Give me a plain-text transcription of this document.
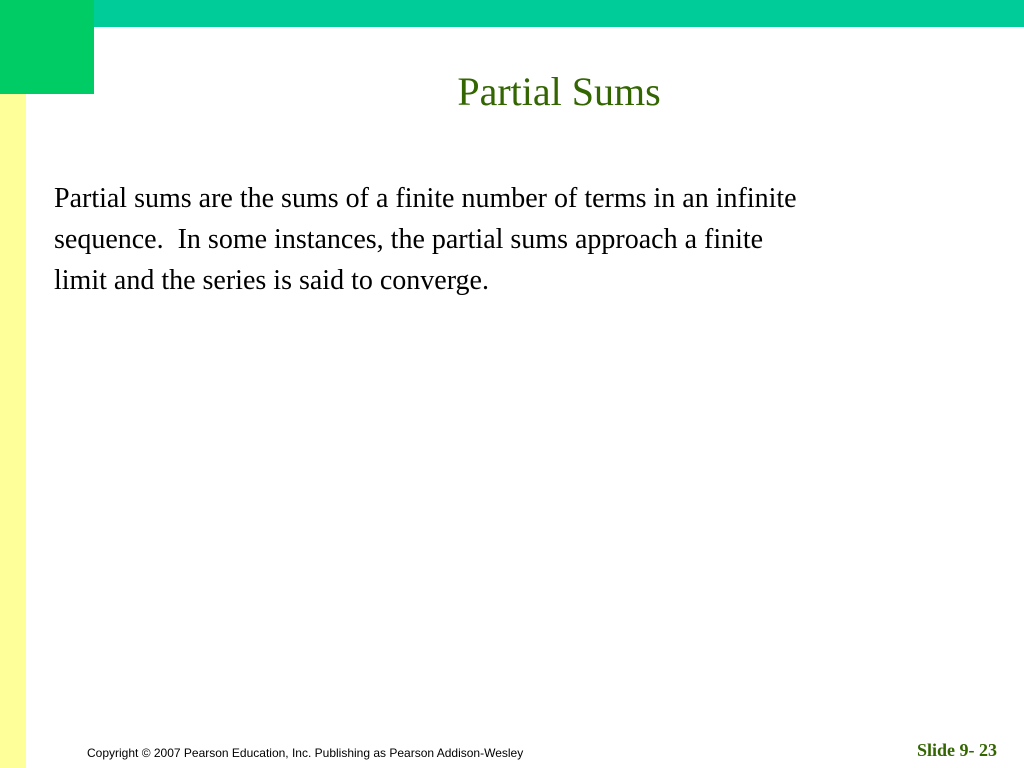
Partial Sums

Partial sums are the sums of a finite number of terms in an infinite
sequence.  In some instances, the partial sums approach a finite
limit and the series is said to converge.

Copyright © 2007 Pearson Education, Inc. Publishing as Pearson Addison-Wesley	Slide 9- 23
